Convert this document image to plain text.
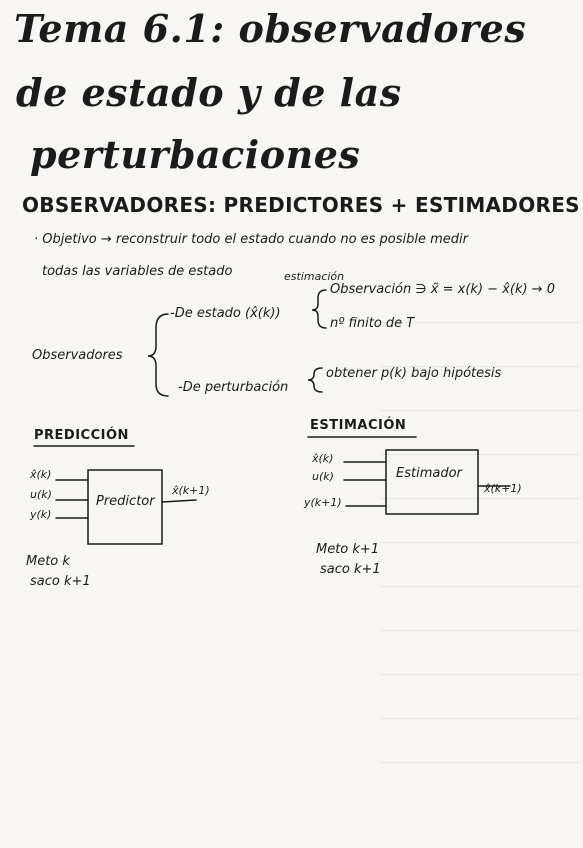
Tema 6.1: observadores
de estado y de las
perturbaciones
OBSERVADORES: PREDICTORES + ESTIMADORES
· Objetivo → reconstruir todo el estado cuando no es posible medir
todas las variables de estado
Observadores
estimación
-De estado (x̂(k))
Observación ∋ x̃ = x(k) − x̂(k) → 0
nº finito de T
-De perturbación
obtener p(k) bajo hipótesis
PREDICCIÓN
x̂(k)
u(k)
y(k)
Predictor
x̂(k+1)
Meto k
saco k+1
ESTIMACIÓN
x̂(k)
u(k)
y(k+1)
Estimador
x̂(k+1)
Meto k+1
saco k+1
